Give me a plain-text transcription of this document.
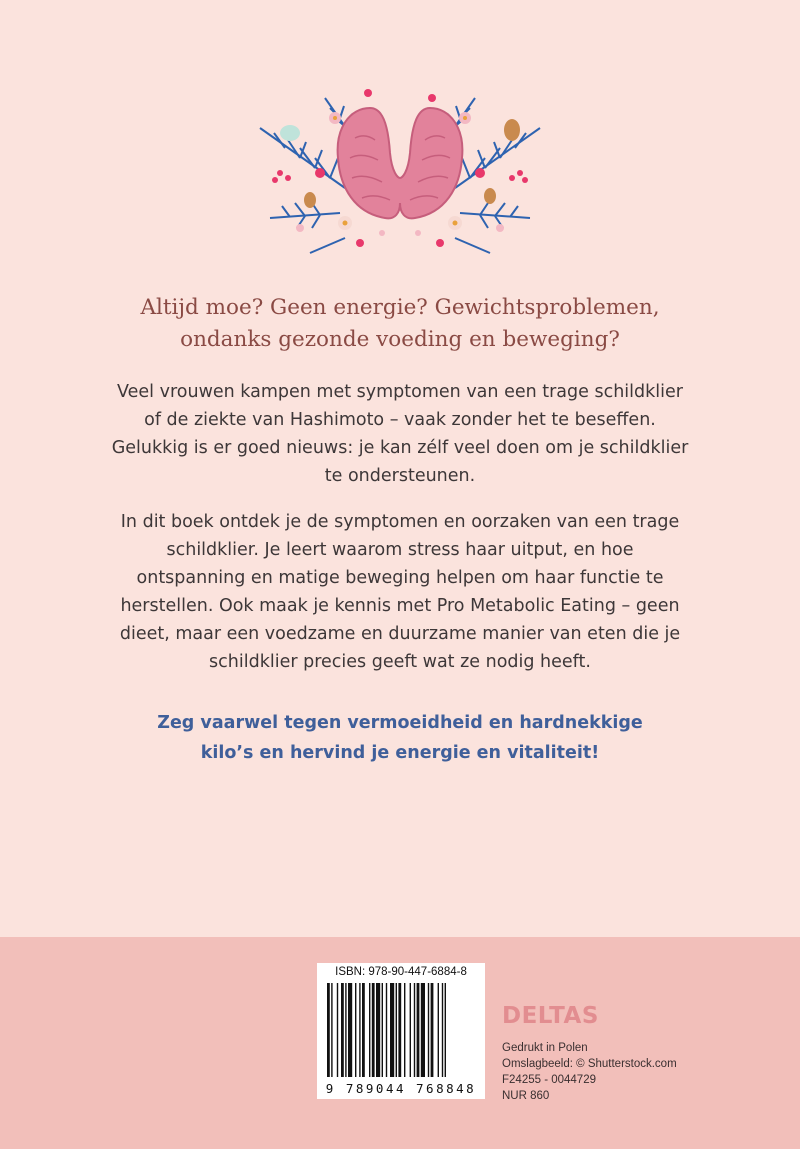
Altijd moe? Geen energie? Gewichtsproblemen,
ondanks gezonde voeding en beweging?

Veel vrouwen kampen met symptomen van een trage schildklier of de ziekte van Hashimoto – vaak zonder het te beseffen. Gelukkig is er goed nieuws: je kan zélf veel doen om je schildklier te ondersteunen.

In dit boek ontdek je de symptomen en oorzaken van een trage schildklier. Je leert waarom stress haar uitput, en hoe ontspanning en matige beweging helpen om haar functie te herstellen. Ook maak je kennis met Pro Metabolic Eating – geen dieet, maar een voedzame en duurzame manier van eten die je schildklier precies geeft wat ze nodig heeft.

Zeg vaarwel tegen vermoeidheid en hardnekkige
kilo’s en hervind je energie en vitaliteit!
ISBN: 978-90-447-6884-8
9 789044 768848
DELTAS
Gedrukt in Polen
Omslagbeeld: © Shutterstock.com
F24255 - 0044729
NUR 860
